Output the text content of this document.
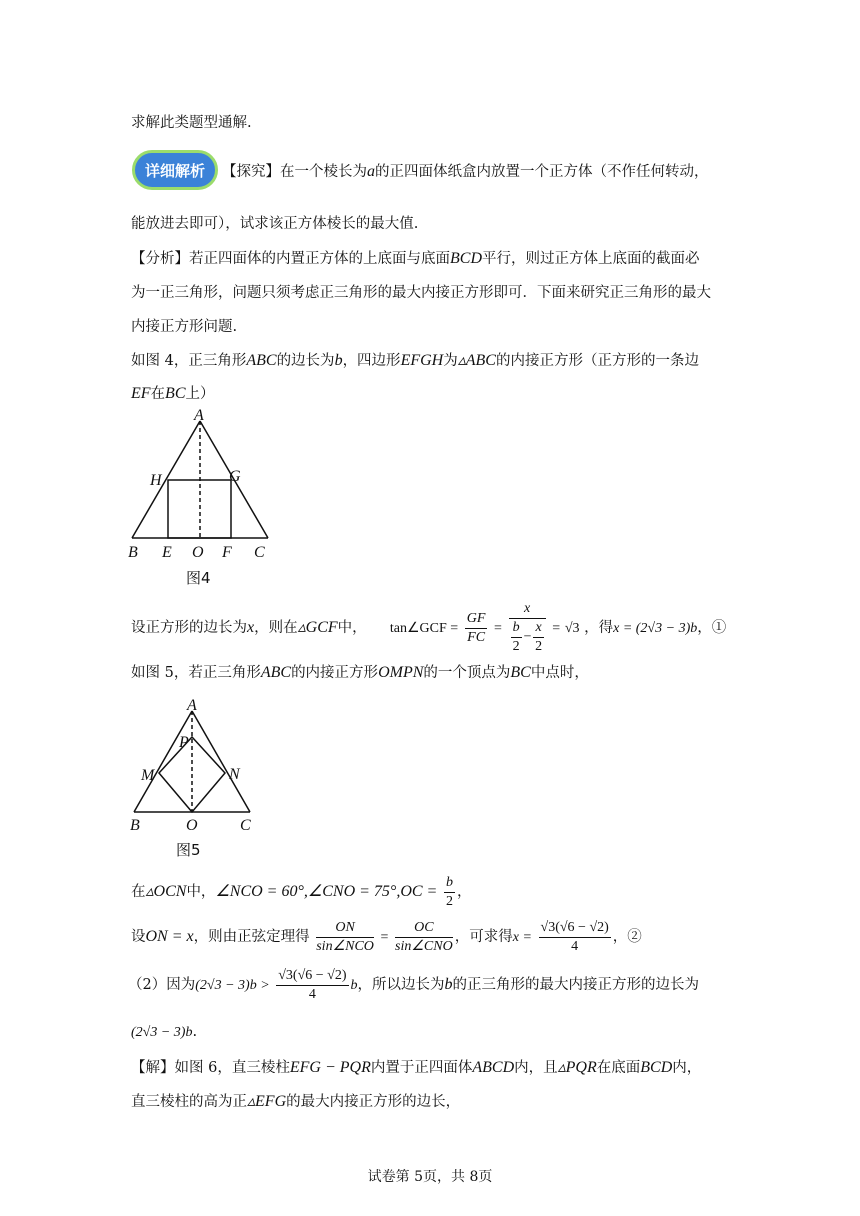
求解此类题型通解.
详细解析	【探究】在一个棱长为a的正四面体纸盒内放置一个正方体（不作任何转动，
能放进去即可），试求该正方体棱长的最大值.
【分析】若正四面体的内置正方体的上底面与底面BCD平行，则过正方体上底面的截面必
为一正三角形，问题只须考虑正三角形的最大内接正方形即可．下面来研究正三角形的最大
内接正方形问题.
如图 4，正三角形ABC的边长为b，四边形EFGH为▵ABC的内接正方形（正方形的一条边
EF在BC上）
A
H	G
B E O F C
图4
设正方形的边长为x，则在▵GCF中， tan∠GCF = $\frac{GF}{FC} = \frac{x}{\frac{b}{2} - \frac{x}{2}} = √3$ ，得x = (2√3 − 3)b，①
如图 5，若正三角形ABC的内接正方形OMPN的一个顶点为BC中点时，
A
P
M	N
B	O	C
图5
在▵OCN中，∠NCO = 60°,∠CNO = $75^\circ,OC = \frac{b}{2}$ ，
设ON = x，则由正弦定理得 $\frac{ON}{\text{sin∠NCO}} = \frac{OC}{\text{sin∠CNO}}$ ，可求得$x = \frac{√3(√6 - √2)}{4}$ ，②
（2）因为$(2√3 - 3)b > \frac{√3(√6 - √2)}{4}$ b，所以边长为b的正三角形的最大内接正方形的边长为
(2√3 − 3)b.
【解】如图 6，直三棱柱EFG − PQR内置于正四面体ABCD内，且▵PQR在底面BCD内，
直三棱柱的高为正▵EFG的最大内接正方形的边长，
试卷第 5页，共 8页
